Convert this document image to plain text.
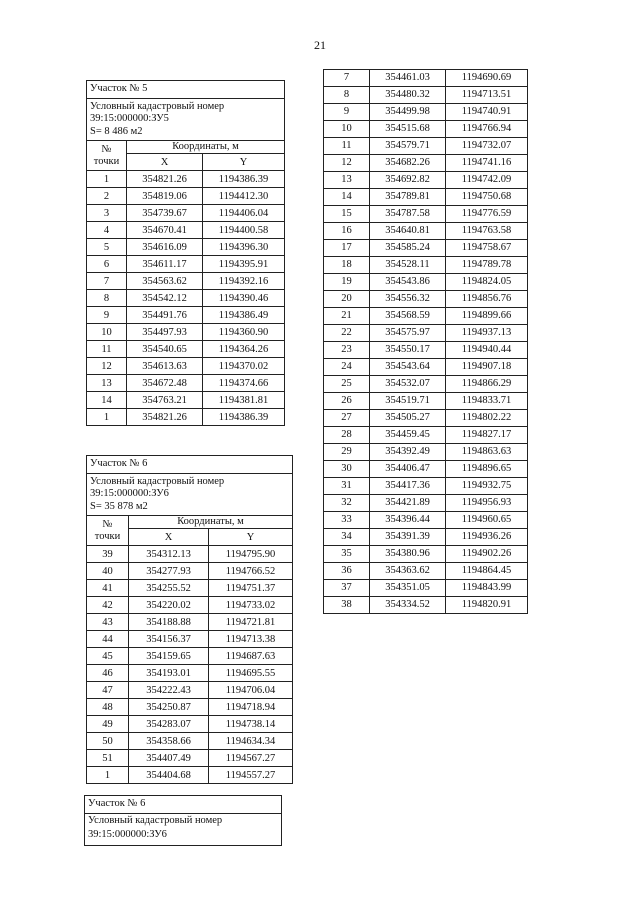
21
Участок № 5		

Условный кадастровый номер
39:15:000000:ЗУ5
S= 8 486 м2		

№
точки	Координаты, м	
	X	Y
1	354821.26	1194386.39
2	354819.06	1194412.30
3	354739.67	1194406.04
4	354670.41	1194400.58
5	354616.09	1194396.30
6	354611.17	1194395.91
7	354563.62	1194392.16
8	354542.12	1194390.46
9	354491.76	1194386.49
10	354497.93	1194360.90
11	354540.65	1194364.26
12	354613.63	1194370.02
13	354672.48	1194374.66
14	354763.21	1194381.81
1	354821.26	1194386.39
Участок № 6		

Условный кадастровый номер
39:15:000000:ЗУ6
S= 35 878 м2		

№
точки	Координаты, м	
	X	Y
39	354312.13	1194795.90
40	354277.93	1194766.52
41	354255.52	1194751.37
42	354220.02	1194733.02
43	354188.88	1194721.81
44	354156.37	1194713.38
45	354159.65	1194687.63
46	354193.01	1194695.55
47	354222.43	1194706.04
48	354250.87	1194718.94
49	354283.07	1194738.14
50	354358.66	1194634.34
51	354407.49	1194567.27
1	354404.68	1194557.27
7	354461.03	1194690.69
8	354480.32	1194713.51
9	354499.98	1194740.91
10	354515.68	1194766.94
11	354579.71	1194732.07
12	354682.26	1194741.16
13	354692.82	1194742.09
14	354789.81	1194750.68
15	354787.58	1194776.59
16	354640.81	1194763.58
17	354585.24	1194758.67
18	354528.11	1194789.78
19	354543.86	1194824.05
20	354556.32	1194856.76
21	354568.59	1194899.66
22	354575.97	1194937.13
23	354550.17	1194940.44
24	354543.64	1194907.18
25	354532.07	1194866.29
26	354519.71	1194833.71
27	354505.27	1194802.22
28	354459.45	1194827.17
29	354392.49	1194863.63
30	354406.47	1194896.65
31	354417.36	1194932.75
32	354421.89	1194956.93
33	354396.44	1194960.65
34	354391.39	1194936.26
35	354380.96	1194902.26
36	354363.62	1194864.45
37	354351.05	1194843.99
38	354334.52	1194820.91
Участок № 6
Условный кадастровый номер
39:15:000000:ЗУ6
